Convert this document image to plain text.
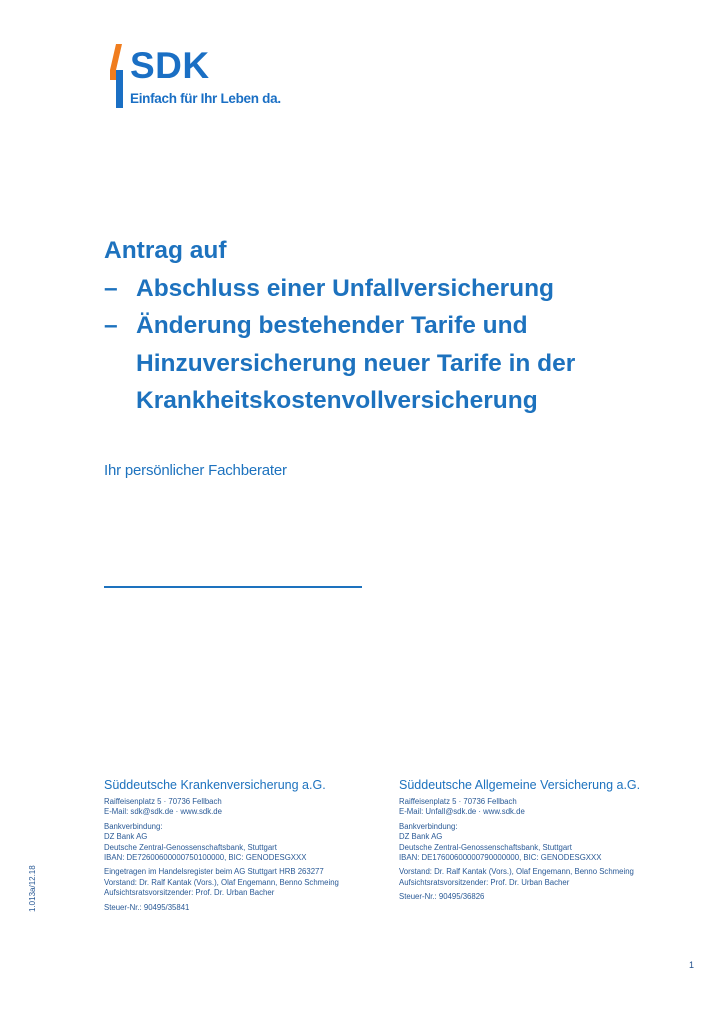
SDK
Einfach für Ihr Leben da.
Antrag auf
– Abschluss einer Unfallversicherung
– Änderung bestehender Tarife und
Hinzuversicherung neuer Tarife in der
Krankheitskostenvollversicherung
Ihr persönlicher Fachberater
Süddeutsche Krankenversicherung a.G.
Raiffeisenplatz 5 · 70736 Fellbach
E-Mail: sdk@sdk.de · www.sdk.de
Bankverbindung:
DZ Bank AG
Deutsche Zentral-Genossenschaftsbank, Stuttgart
IBAN: DE72600600000750100000, BIC: GENODESGXXX
Eingetragen im Handelsregister beim AG Stuttgart HRB 263277
Vorstand: Dr. Ralf Kantak (Vors.), Olaf Engemann, Benno Schmeing
Aufsichtsratsvorsitzender: Prof. Dr. Urban Bacher
Steuer-Nr.: 90495/35841
Süddeutsche Allgemeine Versicherung a.G.
Raiffeisenplatz 5 · 70736 Fellbach
E-Mail: Unfall@sdk.de · www.sdk.de
Bankverbindung:
DZ Bank AG
Deutsche Zentral-Genossenschaftsbank, Stuttgart
IBAN: DE17600600000790000000, BIC: GENODESGXXX
Vorstand: Dr. Ralf Kantak (Vors.), Olaf Engemann, Benno Schmeing
Aufsichtsratsvorsitzender: Prof. Dr. Urban Bacher
Steuer-Nr.: 90495/36826
1.013a/12.18
1
